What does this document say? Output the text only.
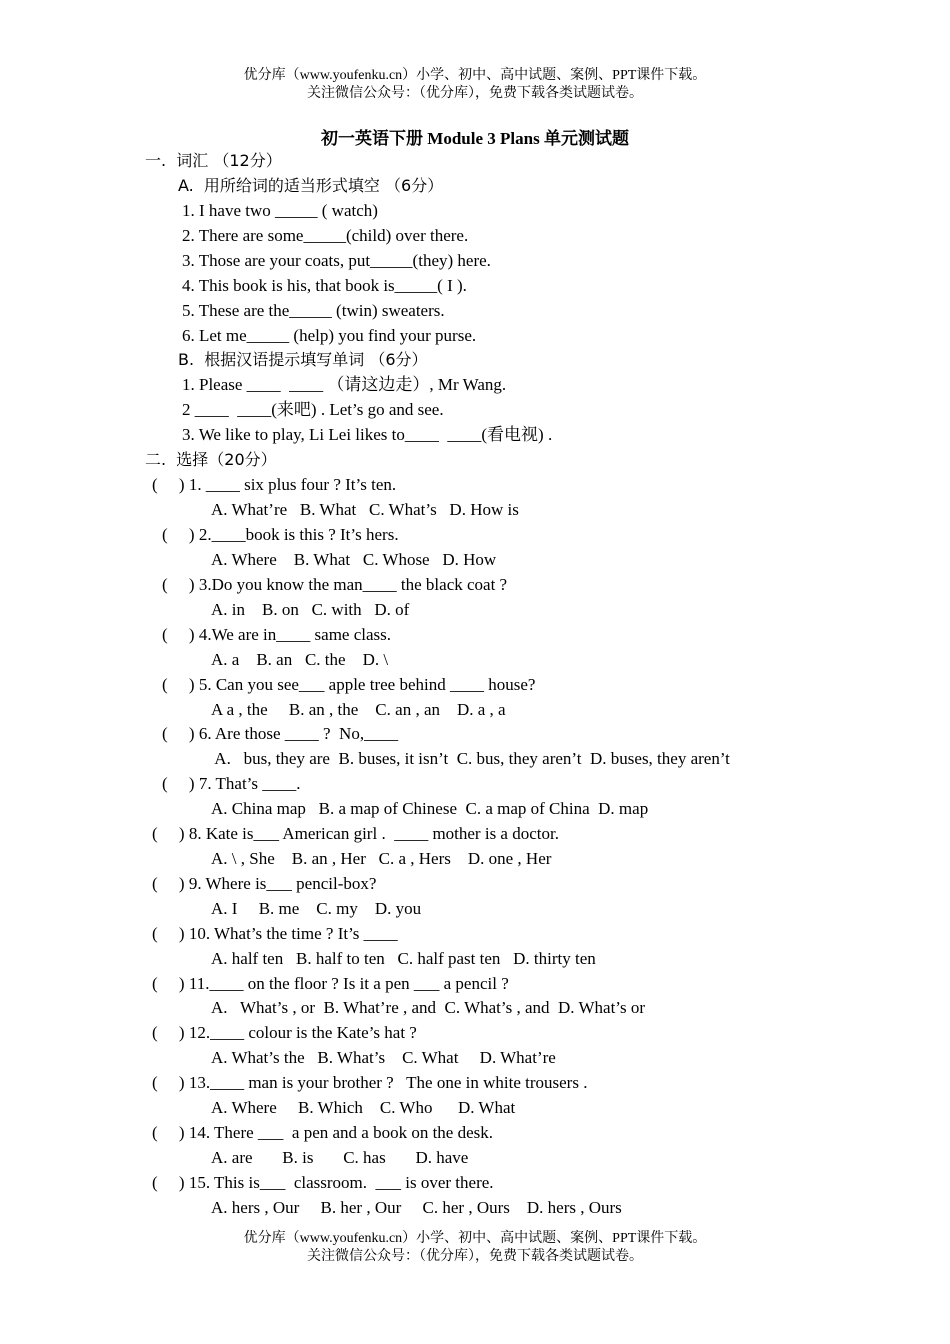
优分库（www.youfenku.cn）小学、初中、高中试题、案例、PPT课件下载。
关注微信公众号：（优分库），免费下载各类试题试卷。
初一英语下册 Module 3 Plans 单元测试题
一.  词汇 （12分）
A.  用所给词的适当形式填空 （6分）
1. I have two _____ ( watch)
2. There are some_____(child) over there.
3. Those are your coats, put_____(they) here.
4. This book is his, that book is_____( I ).
5. These are the_____ (twin) sweaters.
6. Let me_____ (help) you find your purse.
B.  根据汉语提示填写单词 （6分）
1. Please ____  ____ （请这边走）, Mr Wang.
2 ____  ____(来吧) . Let’s go and see.
3. We like to play, Li Lei likes to____  ____(看电视) .
二.  选择（20分）
(     ) 1. ____ six plus four ? It’s ten.
A. What’re   B. What   C. What’s   D. How is
(     ) 2.____book is this ? It’s hers.
A. Where    B. What   C. Whose   D. How
(     ) 3.Do you know the man____ the black coat ?
A. in    B. on   C. with   D. of
(     ) 4.We are in____ same class.
A. a    B. an   C. the    D. \
(     ) 5. Can you see___ apple tree behind ____ house?
A a , the     B. an , the    C. an , an    D. a , a
(     ) 6. Are those ____ ?  No,____
A.   bus, they are  B. buses, it isn’t  C. bus, they aren’t  D. buses, they aren’t
(     ) 7. That’s ____.
A. China map   B. a map of Chinese  C. a map of China  D. map
(     ) 8. Kate is___ American girl .  ____ mother is a doctor.
A. \ , She    B. an , Her   C. a , Hers    D. one , Her
(     ) 9. Where is___ pencil-box?
A. I     B. me    C. my    D. you
(     ) 10. What’s the time ? It’s ____
A. half ten   B. half to ten   C. half past ten   D. thirty ten
(     ) 11.____ on the floor ? Is it a pen ___ a pencil ?
A.   What’s , or  B. What’re , and  C. What’s , and  D. What’s or
(     ) 12.____ colour is the Kate’s hat ?
A. What’s the   B. What’s    C. What     D. What’re
(     ) 13.____ man is your brother ?   The one in white trousers .
A. Where     B. Which    C. Who      D. What
(     ) 14. There ___  a pen and a book on the desk.
A. are       B. is       C. has       D. have
(     ) 15. This is___  classroom.  ___ is over there.
A. hers , Our     B. her , Our     C. her , Ours    D. hers , Ours
优分库（www.youfenku.cn）小学、初中、高中试题、案例、PPT课件下载。
关注微信公众号：（优分库），免费下载各类试题试卷。
